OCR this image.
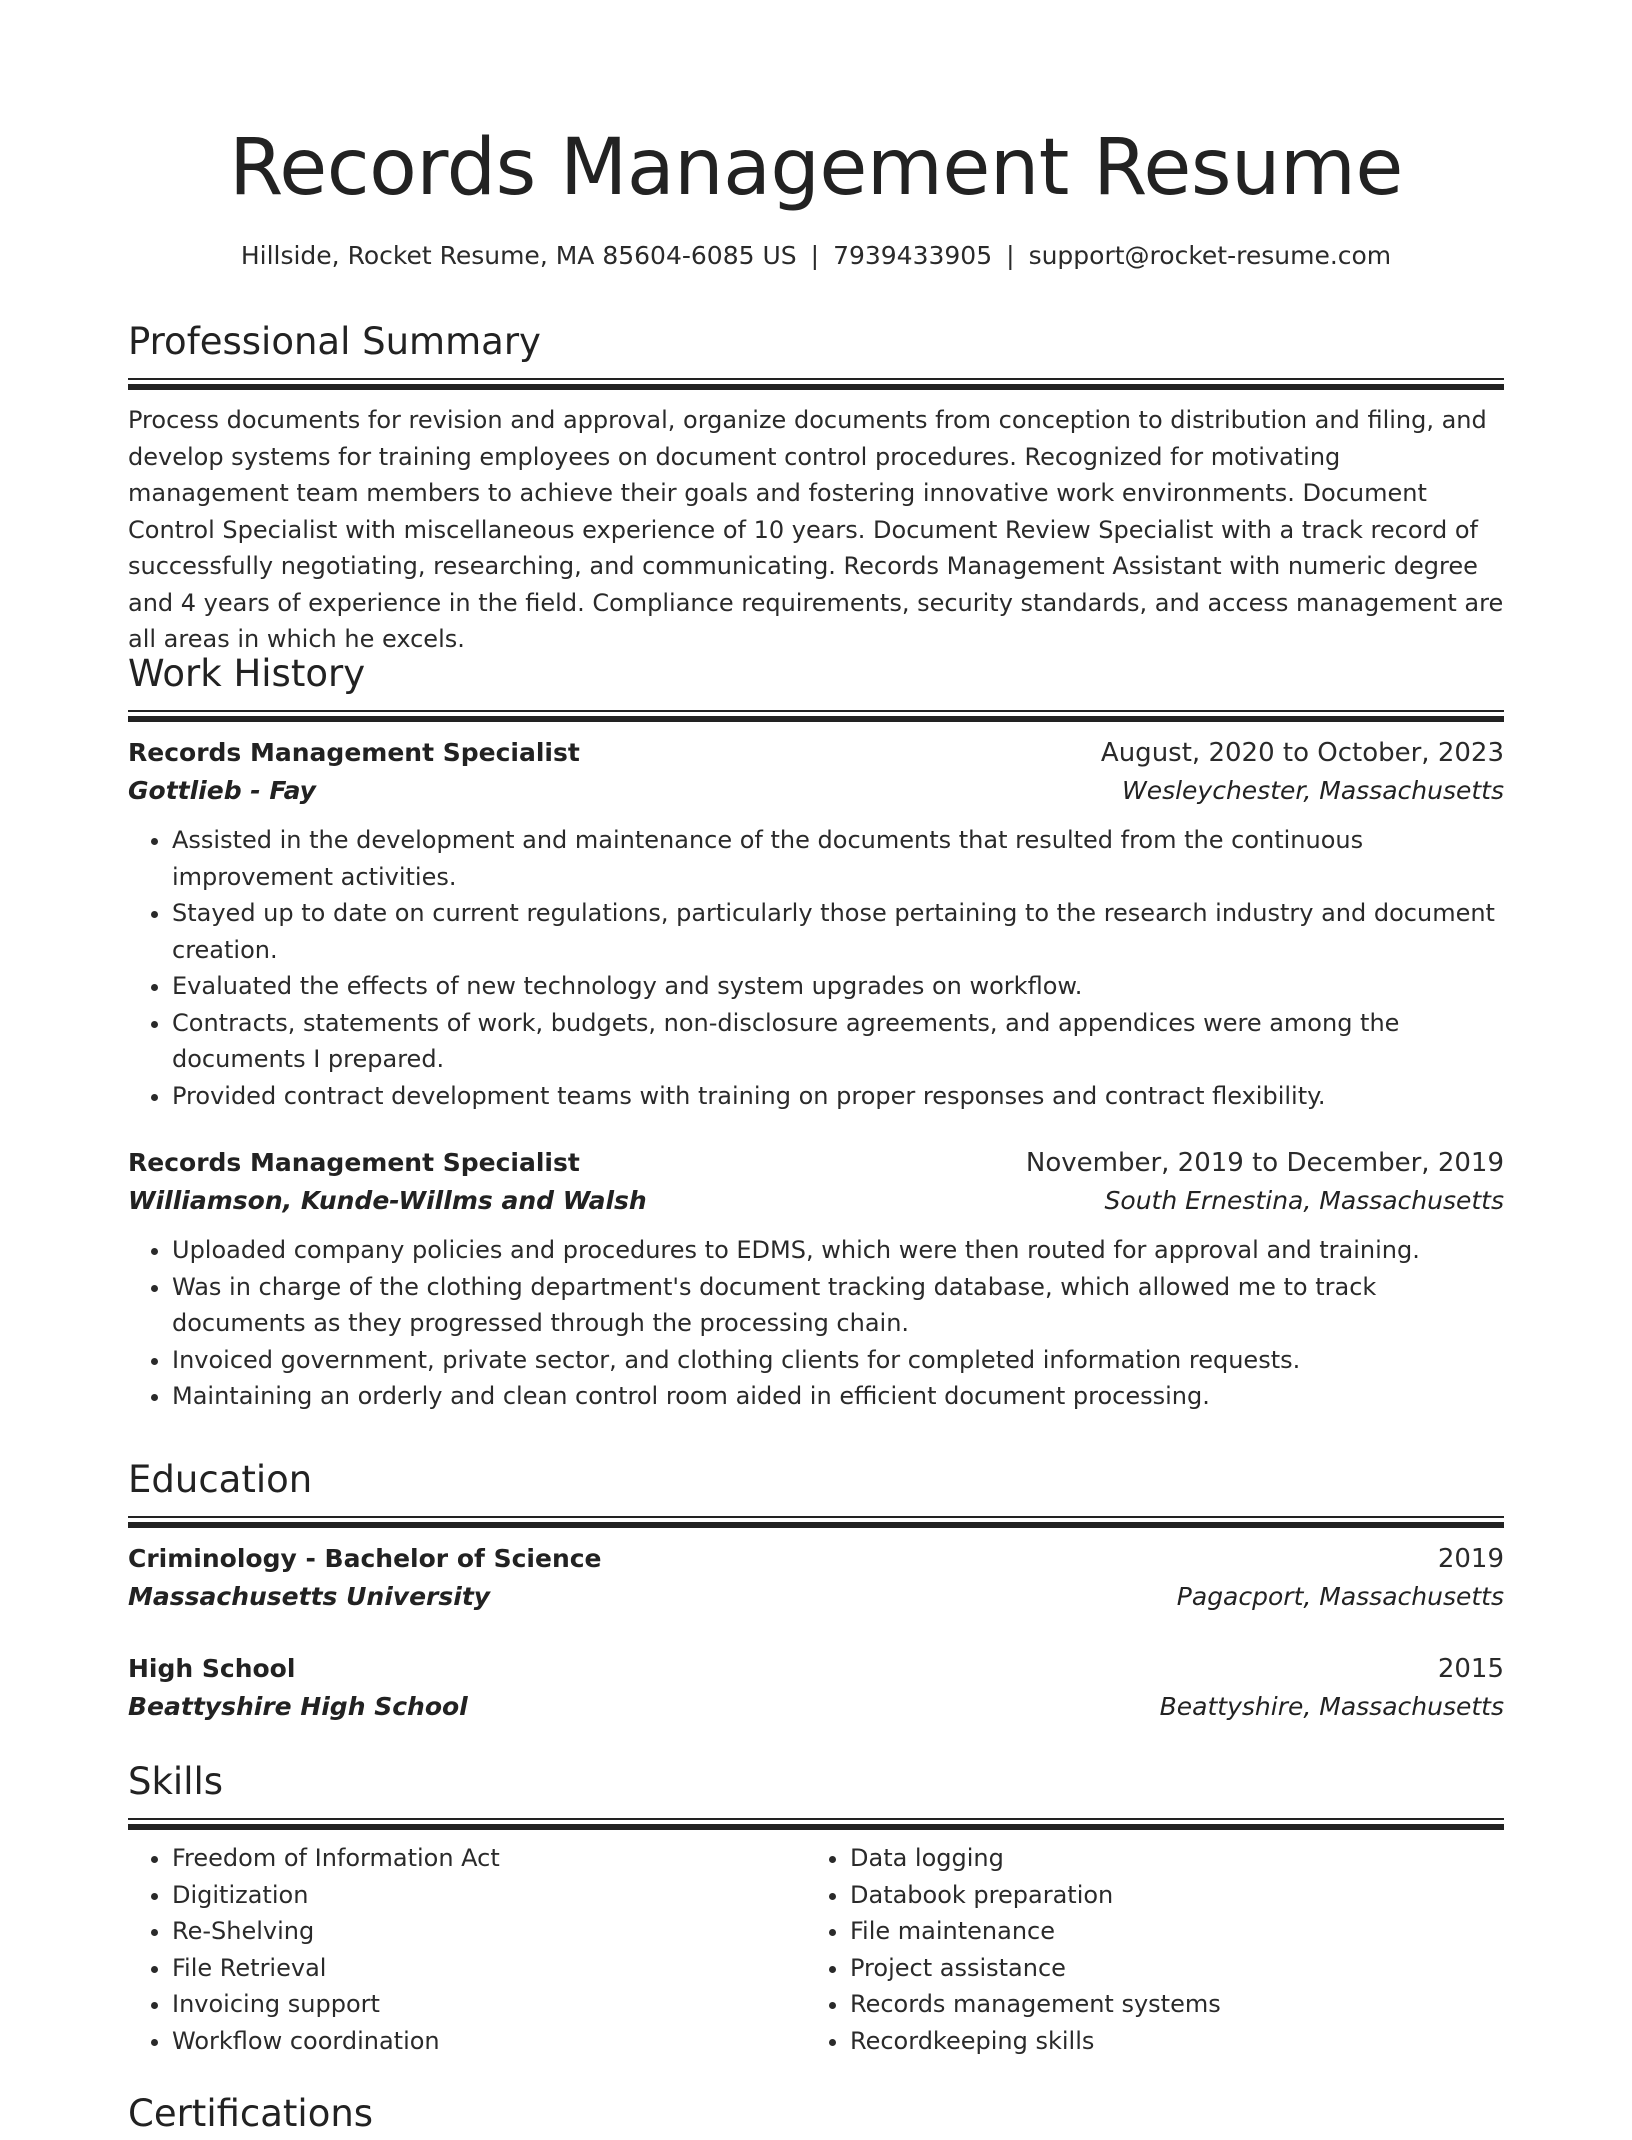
Records Management Resume
Hillside, Rocket Resume, MA 85604-6085 US | 7939433905 | support@rocket-resume.com
Professional Summary
Process documents for revision and approval, organize documents from conception to distribution and filing, and develop systems for training employees on document control procedures. Recognized for motivating management team members to achieve their goals and fostering innovative work environments. Document Control Specialist with miscellaneous experience of 10 years. Document Review Specialist with a track record of successfully negotiating, researching, and communicating. Records Management Assistant with numeric degree and 4 years of experience in the field. Compliance requirements, security standards, and access management are all areas in which he excels.
Work History
Records Management Specialist	August, 2020 to October, 2023
Gottlieb - Fay	Wesleychester, Massachusetts
• Assisted in the development and maintenance of the documents that resulted from the continuous improvement activities.
• Stayed up to date on current regulations, particularly those pertaining to the research industry and document creation.
• Evaluated the effects of new technology and system upgrades on workflow.
• Contracts, statements of work, budgets, non-disclosure agreements, and appendices were among the documents I prepared.
• Provided contract development teams with training on proper responses and contract flexibility.
Records Management Specialist	November, 2019 to December, 2019
Williamson, Kunde-Willms and Walsh	South Ernestina, Massachusetts
• Uploaded company policies and procedures to EDMS, which were then routed for approval and training.
• Was in charge of the clothing department's document tracking database, which allowed me to track documents as they progressed through the processing chain.
• Invoiced government, private sector, and clothing clients for completed information requests.
• Maintaining an orderly and clean control room aided in efficient document processing.
Education
Criminology - Bachelor of Science	2019
Massachusetts University	Pagacport, Massachusetts
High School	2015
Beattyshire High School	Beattyshire, Massachusetts
Skills
• Freedom of Information Act
• Digitization
• Re-Shelving
• File Retrieval
• Invoicing support
• Workflow coordination
• Data logging
• Databook preparation
• File maintenance
• Project assistance
• Records management systems
• Recordkeeping skills
Certifications
